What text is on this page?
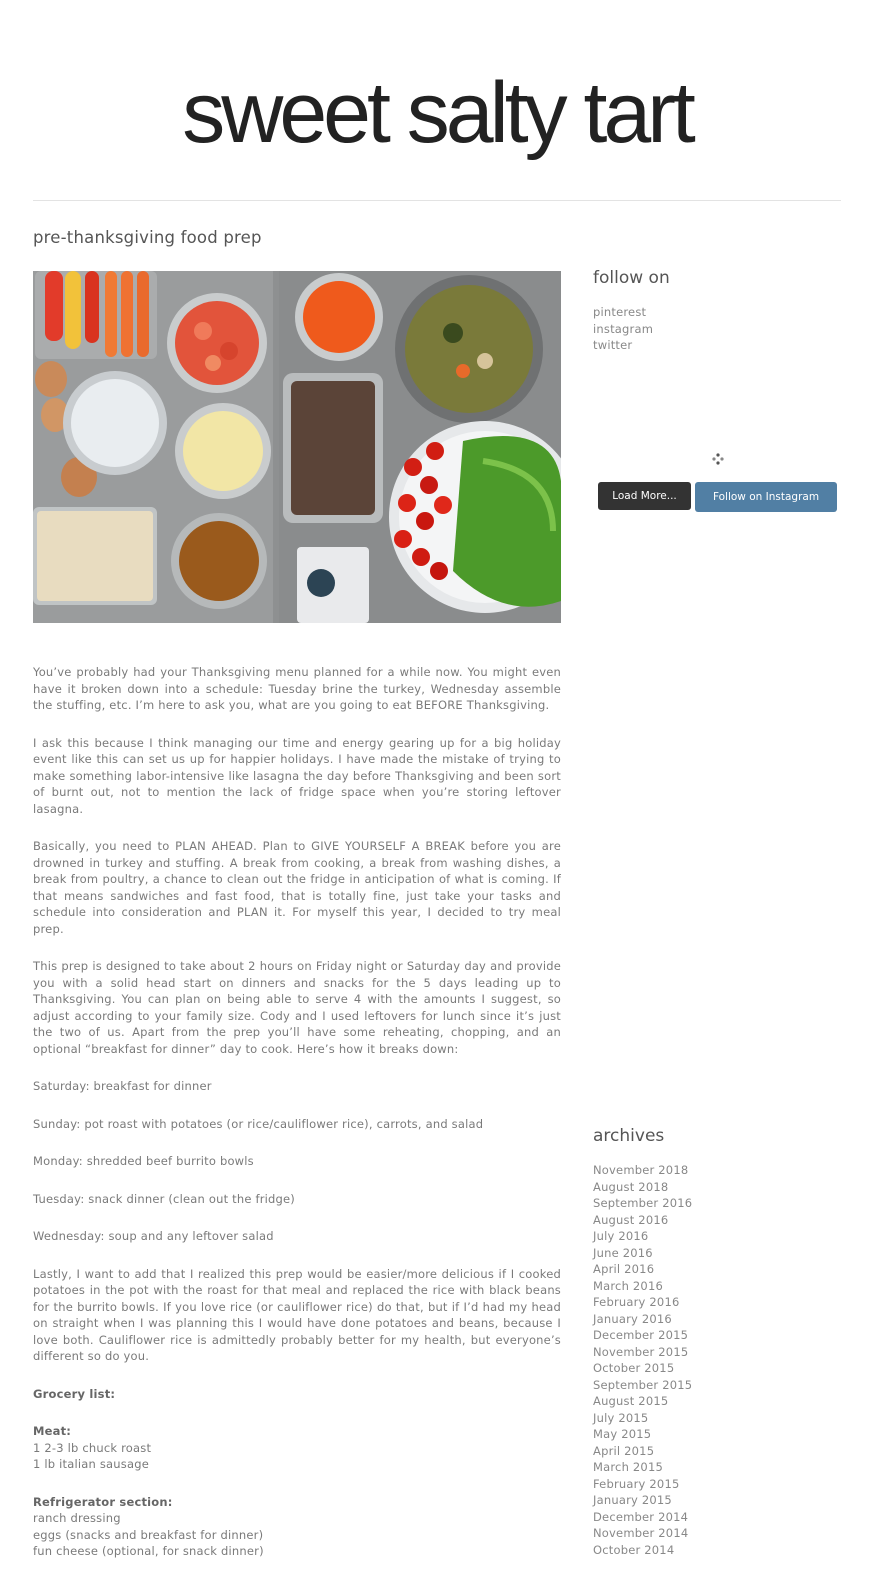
sweet salty tart
pre-thanksgiving food prep

You’ve probably had your Thanksgiving menu planned for a while now. You might even have it broken down into a schedule: Tuesday brine the turkey, Wednesday assemble the stuffing, etc. I’m here to ask you, what are you going to eat BEFORE Thanksgiving.

I ask this because I think managing our time and energy gearing up for a big holiday event like this can set us up for happier holidays. I have made the mistake of trying to make something labor-intensive like lasagna the day before Thanksgiving and been sort of burnt out, not to mention the lack of fridge space when you’re storing leftover lasagna.

Basically, you need to PLAN AHEAD. Plan to GIVE YOURSELF A BREAK before you are drowned in turkey and stuffing. A break from cooking, a break from washing dishes, a break from poultry, a chance to clean out the fridge in anticipation of what is coming. If that means sandwiches and fast food, that is totally fine, just take your tasks and schedule into consideration and PLAN it. For myself this year, I decided to try meal prep.

This prep is designed to take about 2 hours on Friday night or Saturday day and provide you with a solid head start on dinners and snacks for the 5 days leading up to Thanksgiving. You can plan on being able to serve 4 with the amounts I suggest, so adjust according to your family size. Cody and I used leftovers for lunch since it’s just the two of us. Apart from the prep you’ll have some reheating, chopping, and an optional “breakfast for dinner” day to cook. Here’s how it breaks down:

Saturday: breakfast for dinner

Sunday: pot roast with potatoes (or rice/cauliflower rice), carrots, and salad

Monday: shredded beef burrito bowls

Tuesday: snack dinner (clean out the fridge)

Wednesday: soup and any leftover salad

Lastly, I want to add that I realized this prep would be easier/more delicious if I cooked potatoes in the pot with the roast for that meal and replaced the rice with black beans for the burrito bowls. If you love rice (or cauliflower rice) do that, but if I’d had my head on straight when I was planning this I would have done potatoes and beans, because I love both. Cauliflower rice is admittedly probably better for my health, but everyone’s different so do you.

Grocery list:

Meat:
1 2-3 lb chuck roast
1 lb italian sausage
Refrigerator section:
ranch dressing
eggs (snacks and breakfast for dinner)
fun cheese (optional, for snack dinner)
follow on
pinterest
instagram
twitter
Load More...	Follow on Instagram
archives
November 2018
August 2018
September 2016
August 2016
July 2016
June 2016
April 2016
March 2016
February 2016
January 2016
December 2015
November 2015
October 2015
September 2015
August 2015
July 2015
May 2015
April 2015
March 2015
February 2015
January 2015
December 2014
November 2014
October 2014
